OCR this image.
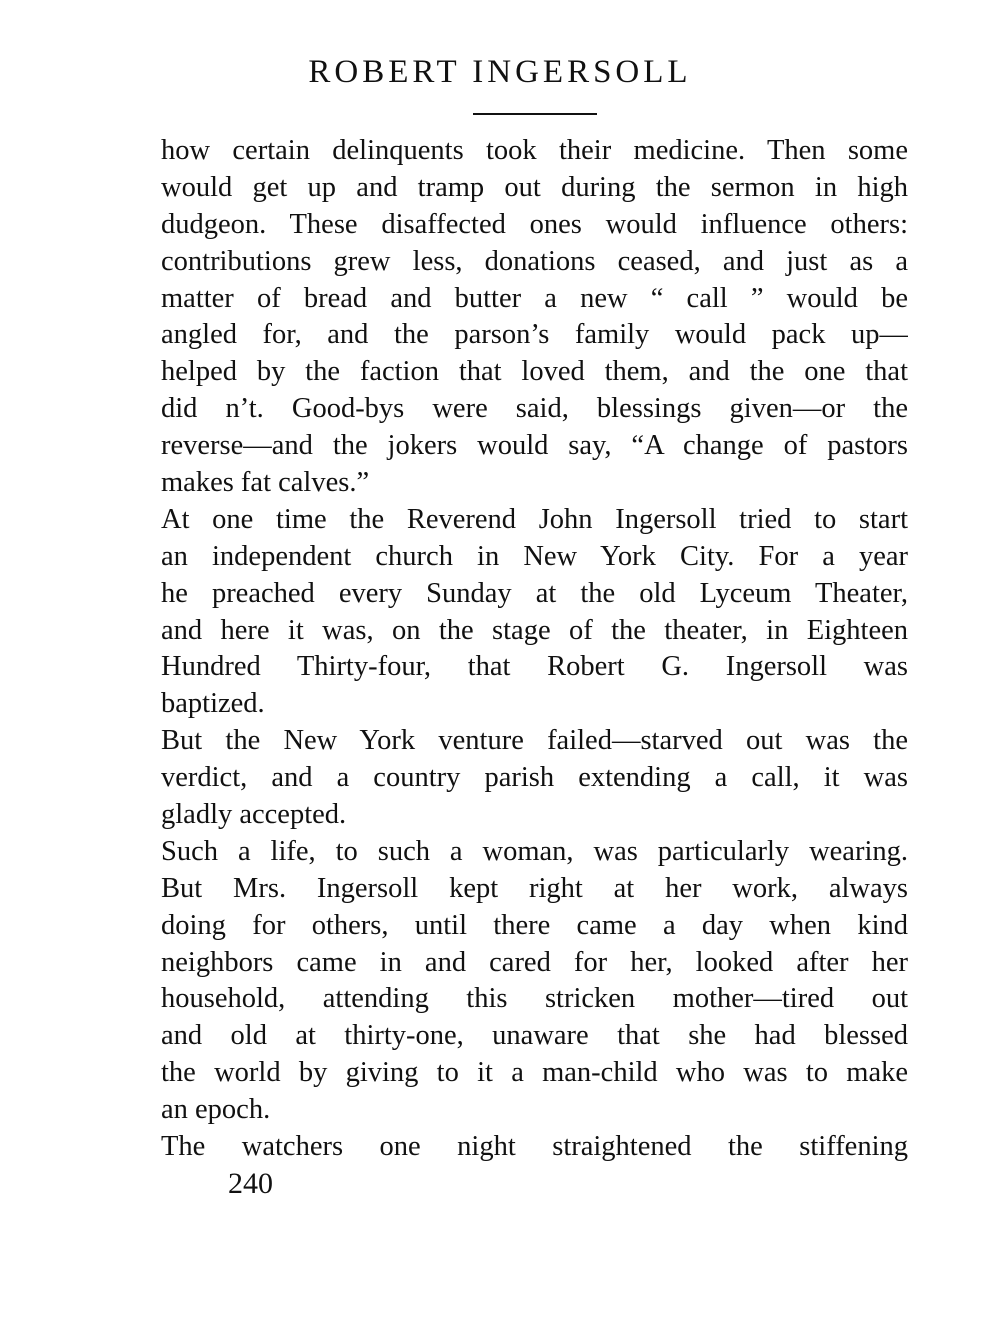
ROBERT INGERSOLL
how certain delinquents took their medicine. Then some
would get up and tramp out during the sermon in high
dudgeon. These disaffected ones would influence others:
contributions grew less, donations ceased, and just as a
matter of bread and butter a new “ call ” would be
angled for, and the parson’s family would pack up—
helped by the faction that loved them, and the one that
did n’t. Good-bys were said, blessings given—or the
reverse—and the jokers would say, “A change of pastors
makes fat calves.”
At one time the Reverend John Ingersoll tried to start
an independent church in New York City. For a year
he preached every Sunday at the old Lyceum Theater,
and here it was, on the stage of the theater, in Eighteen
Hundred Thirty-four, that Robert G. Ingersoll was
baptized.
But the New York venture failed—starved out was the
verdict, and a country parish extending a call, it was
gladly accepted.
Such a life, to such a woman, was particularly wearing.
But Mrs. Ingersoll kept right at her work, always
doing for others, until there came a day when kind
neighbors came in and cared for her, looked after her
household, attending this stricken mother—tired out
and old at thirty-one, unaware that she had blessed
the world by giving to it a man-child who was to make
an epoch.
The watchers one night straightened the stiffening
240
